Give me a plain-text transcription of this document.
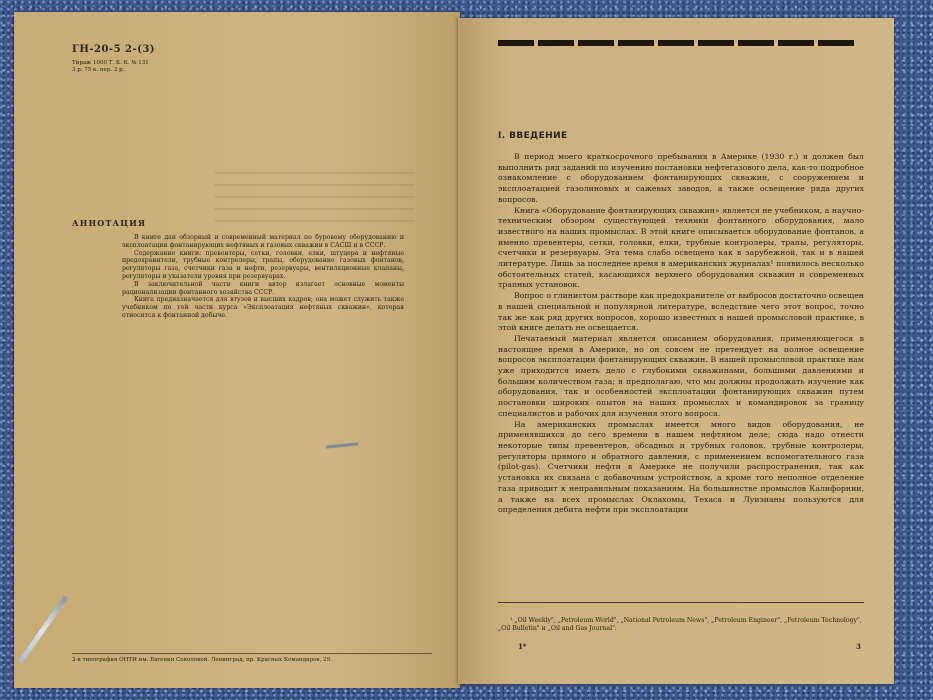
ГН-20-5 2-(3)
Тираж 1000 Т. К. К. № 131
3 р. 75 к. пер. 2 р.
АННОТАЦИЯ

В книге дан обзорный и современный материал по буровому оборудованию и эксплоатации фонтанирующих нефтяных и газовых скважин в САСШ и в СССР.

Содержание книги: превентеры, сетки, головки, елки, штуцера и нефтяные предохранители, трубные контролеры, трапы, оборудование газовых фонтанов, регуляторы газа, счетчики газа и нефти, резервуары, вентиляционные клапаны, регуляторы и указатели уровня при резервуарах.

В заключительной части книги автор излагает основные моменты рационализации фонтанного хозяйства СССР.

Книга предназначается для втузов и высших кадров; она может служить также учебником по той части курса «Эксплоатация нефтяных скважин», которая относится к фонтанной добыче.

2-я типография ОНТИ им. Евгении Соколовой. Ленинград, пр. Красных Командиров, 29.
I. ВВЕДЕНИЕ

В период моего краткосрочного пребывания в Америке (1930 г.) я должен был выполнить ряд заданий по изучению постановки нефтегазового дела, как-то подробное ознакомление с оборудованием фонтанирующих скважин, с сооружением и эксплоатацией газолиновых и сажевых заводов, а также освещение ряда других вопросов.

Книга «Оборудование фонтанирующих скважин» является не учебником, а научно-техническим обзором существующей техники фонтанного оборудования, мало известного на наших промыслах. В этой книге описывается оборудование фонтанов, а именно превентеры, сетки, головки, елки, трубные контролеры, трапы, регуляторы, счетчики и резервуары. Эта тема слабо освещена как в зарубежной, так и в нашей литературе. Лишь за последнее время в американских журналах¹ появилось несколько обстоятельных статей, касающихся верхнего оборудования скважин и современных трапных установок.

Вопрос о глинистом растворе как предохранителе от выбросов достаточно освещен в нашей специальной и популярной литературе, вследствие чего этот вопрос, точно так же как ряд других вопросов, хорошо известных в нашей промысловой практике, в этой книге делать не освещается.

Печатаемый материал является описанием оборудования, применяющегося в настоящее время в Америке, но он совсем не претендует на полное освещение вопросов эксплоатации фонтанирующих скважин. В нашей промысловой практике нам уже приходится иметь дело с глубокими скважинами, большими давлениями и большим количеством газа; я предполагаю, что мы должны продолжать изучение как оборудования, так и особенностей эксплоатации фонтанирующих скважин путем постановки широких опытов на наших промыслах и командировок за границу специалистов и рабочих для изучения этого вопроса.

На американских промыслах имеется много видов оборудования, не применявшихся до сего времени в нашем нефтяном деле; сюда надо отнести некоторые типы превентеров, обсадных и трубных головок, трубные контролеры, регуляторы прямого и обратного давления, с применением вспомогательного газа (pilot-gas). Счетчики нефти в Америке не получили распространения, так как установка их связана с добавочным устройством, а кроме того неполное отделение газа приводит к неправильным показаниям. На большинстве промыслов Калифорнии, а также на всех промыслах Оклахомы, Техаса и Луизианы пользуются для определения дебита нефти при эксплоатации

¹ „Oil Weekly", „Petroleum World", „National Petroleum News", „Petroleum Engineer", „Petroleum Technology", „Oil Bulletin" и „Oil and Gas Journal".

1*	3
